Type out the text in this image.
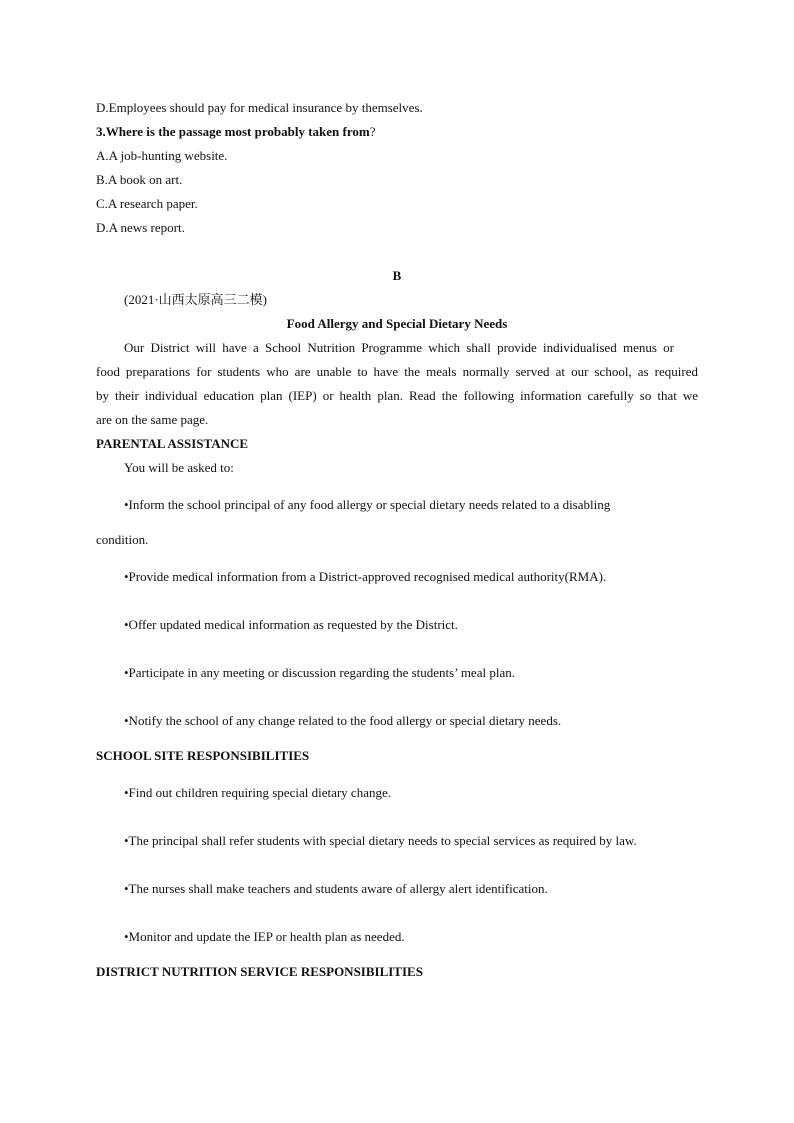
D.Employees should pay for medical insurance by themselves.
3.Where is the passage most probably taken from?
A.A job-hunting website.
B.A book on art.
C.A research paper.
D.A news report.
B
(2021·山西太原高三二模)
Food Allergy and Special Dietary Needs
Our District will have a School Nutrition Programme which shall provide individualised menus or
food preparations for students who are unable to have the meals normally served at our school, as required
by their individual education plan (IEP) or health plan. Read the following information carefully so that we
are on the same page.
PARENTAL ASSISTANCE
You will be asked to:
•Inform the school principal of any food allergy or special dietary needs related to a disabling
condition.
•Provide medical information from a District-approved recognised medical authority(RMA).
•Offer updated medical information as requested by the District.
•Participate in any meeting or discussion regarding the students’ meal plan.
•Notify the school of any change related to the food allergy or special dietary needs.
SCHOOL SITE RESPONSIBILITIES
•Find out children requiring special dietary change.
•The principal shall refer students with special dietary needs to special services as required by law.
•The nurses shall make teachers and students aware of allergy alert identification.
•Monitor and update the IEP or health plan as needed.
DISTRICT NUTRITION SERVICE RESPONSIBILITIES
